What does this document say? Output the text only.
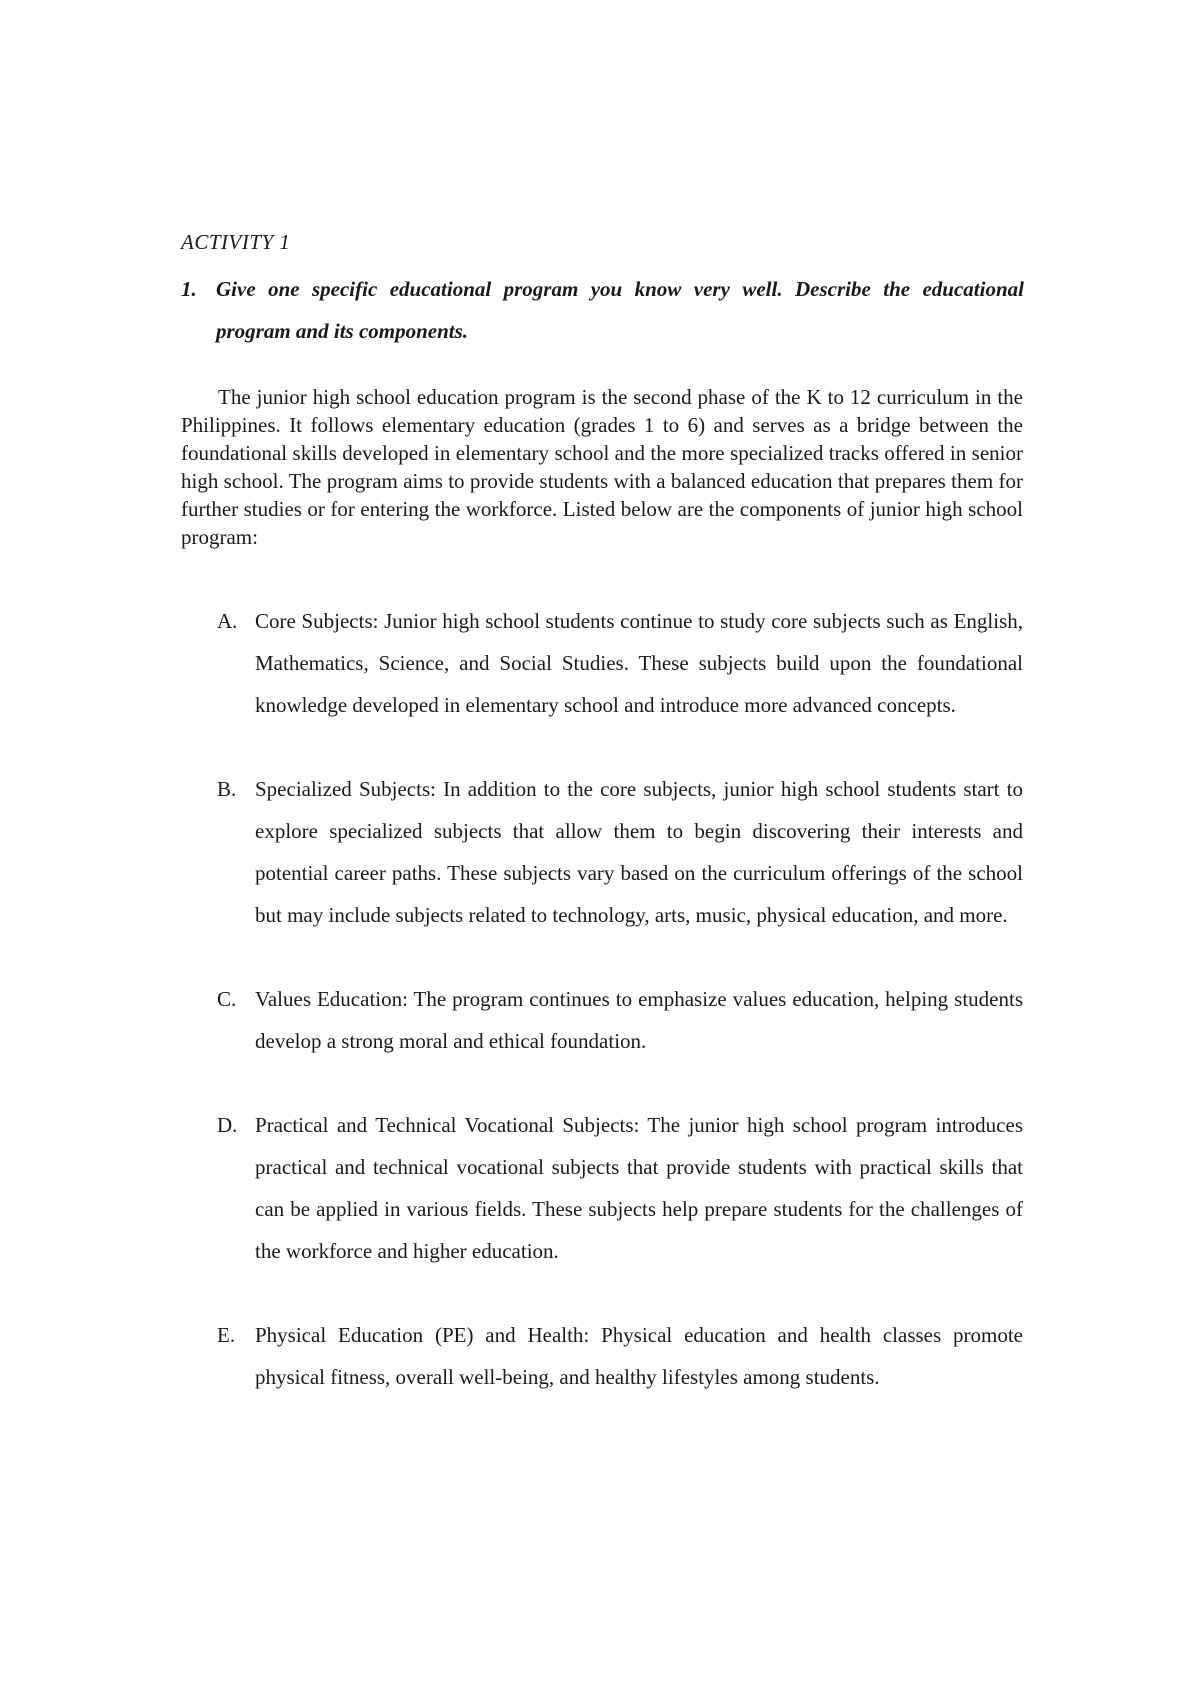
ACTIVITY 1

1. Give one specific educational program you know very well. Describe the educational program and its components.

The junior high school education program is the second phase of the K to 12 curriculum in the Philippines. It follows elementary education (grades 1 to 6) and serves as a bridge between the foundational skills developed in elementary school and the more specialized tracks offered in senior high school. The program aims to provide students with a balanced education that prepares them for further studies or for entering the workforce. Listed below are the components of junior high school program:

A. Core Subjects: Junior high school students continue to study core subjects such as English, Mathematics, Science, and Social Studies. These subjects build upon the foundational knowledge developed in elementary school and introduce more advanced concepts.
B. Specialized Subjects: In addition to the core subjects, junior high school students start to explore specialized subjects that allow them to begin discovering their interests and potential career paths. These subjects vary based on the curriculum offerings of the school but may include subjects related to technology, arts, music, physical education, and more.
C. Values Education: The program continues to emphasize values education, helping students develop a strong moral and ethical foundation.
D. Practical and Technical Vocational Subjects: The junior high school program introduces practical and technical vocational subjects that provide students with practical skills that can be applied in various fields. These subjects help prepare students for the challenges of the workforce and higher education.
E. Physical Education (PE) and Health: Physical education and health classes promote physical fitness, overall well-being, and healthy lifestyles among students.
